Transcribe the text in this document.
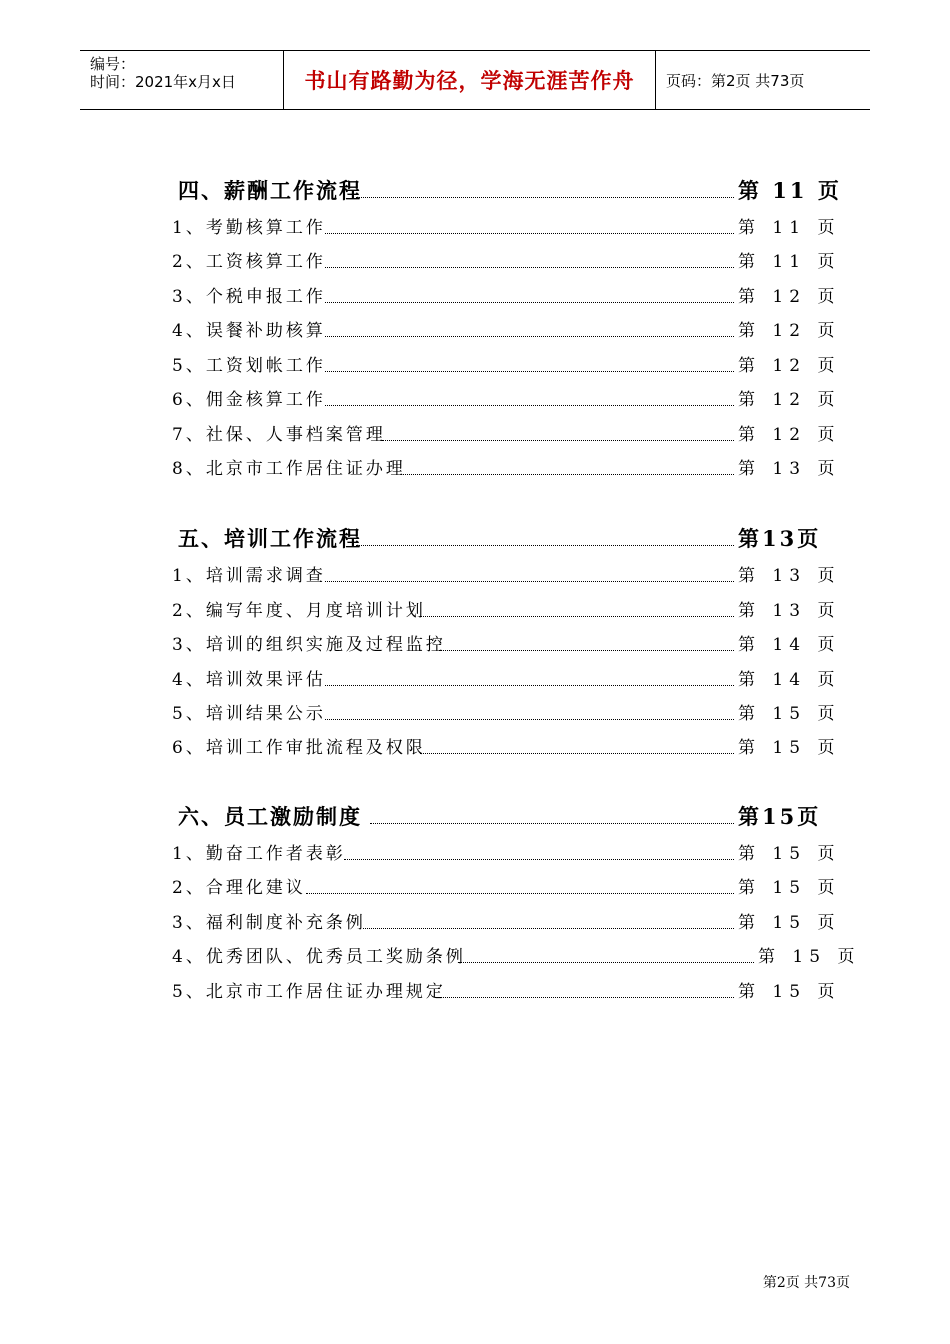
编号：
时间：2021年x月x日	书山有路勤为径，学海无涯苦作舟 页码：第2页 共73页
四、薪酬工作流程	第 11 页
1、考勤核算工作	第 11 页
2、工资核算工作	第 11 页
3、个税申报工作	第 12 页
4、误餐补助核算	第 12 页
5、工资划帐工作	第 12 页
6、佣金核算工作	第 12 页
7、社保、人事档案管理	第 12 页
8、北京市工作居住证办理	第 13 页
五、培训工作流程	第13页
1、培训需求调查	第 13 页
2、编写年度、月度培训计划	第 13 页
3、培训的组织实施及过程监控	第 14 页
4、培训效果评估	第 14 页
5、培训结果公示	第 15 页
6、培训工作审批流程及权限	第 15 页
六、员工激励制度	第15页
1、勤奋工作者表彰	第 15 页
2、合理化建议	第 15 页
3、福利制度补充条例	第 15 页
4、优秀团队、优秀员工奖励条例	第 15 页
5、北京市工作居住证办理规定	第 15 页
第2页 共73页
